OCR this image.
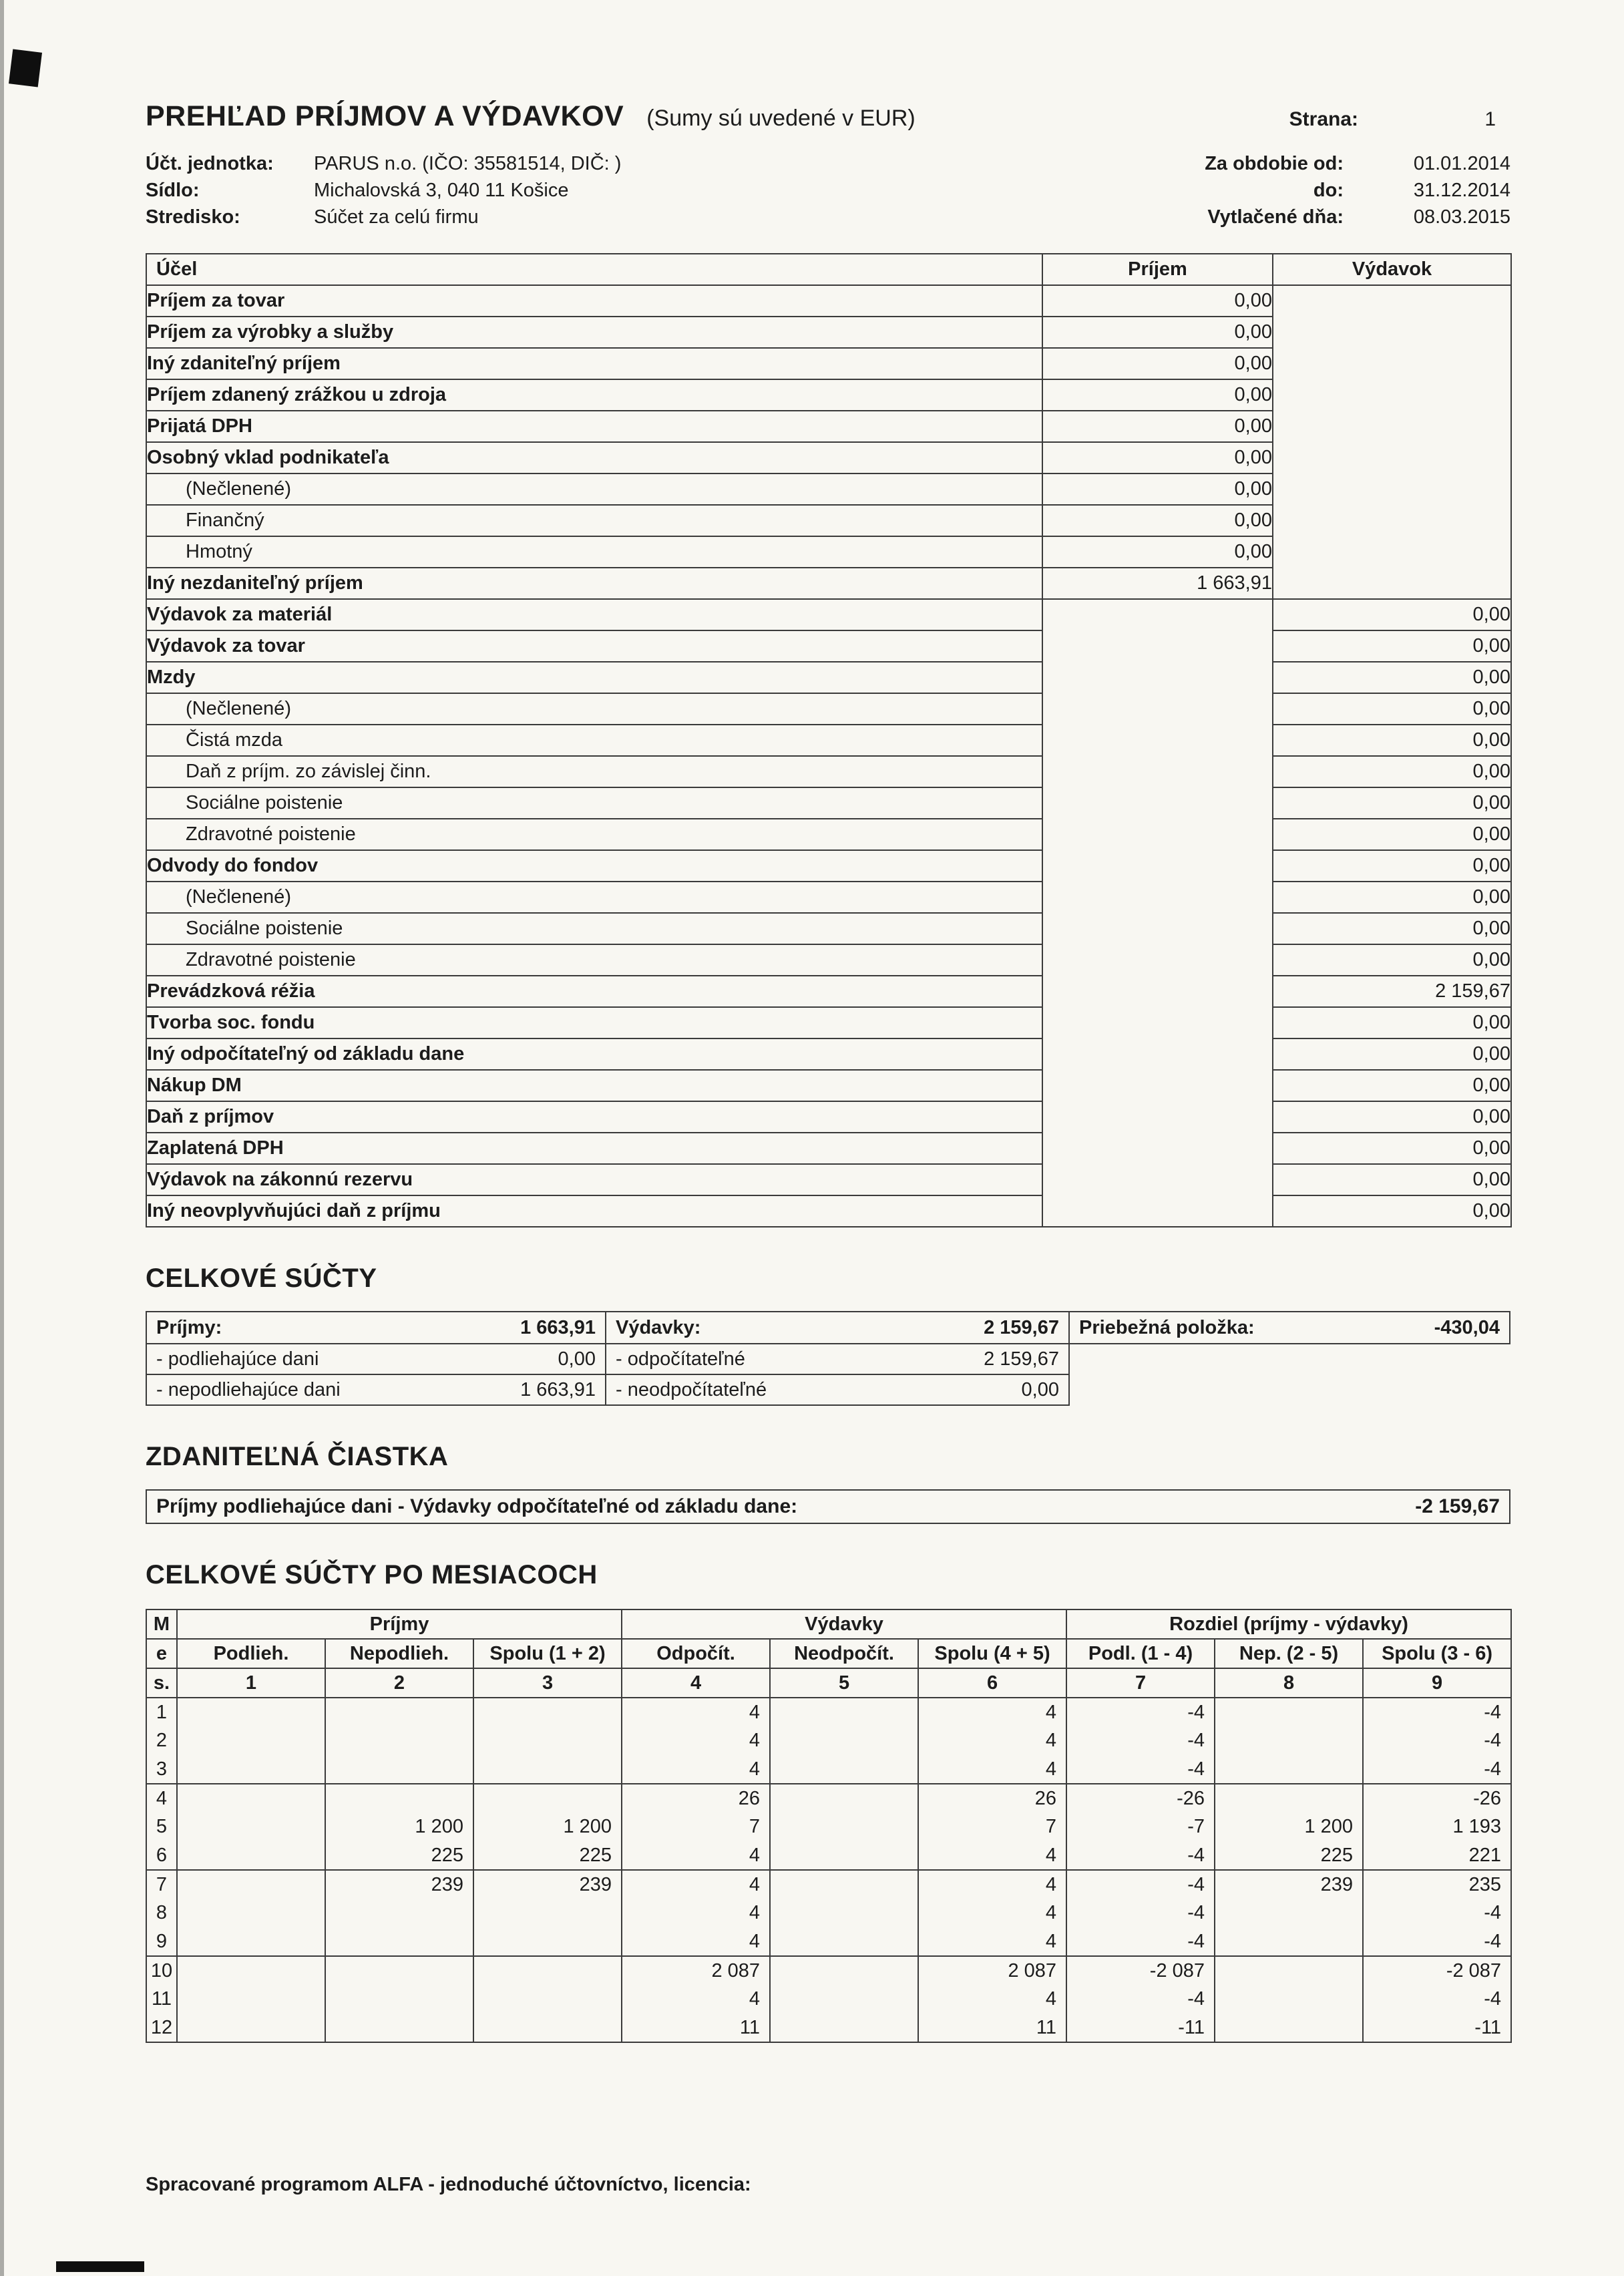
PREHĽAD PRÍJMOV A VÝDAVKOV (Sumy sú uvedené v EUR)	Strana:	1
Účt. jednotka:	PARUS n.o. (IČO: 35581514, DIČ: )	Za obdobie od:	01.01.2014
Sídlo:	Michalovská 3, 040 11 Košice	do:	31.12.2014
Stredisko:	Súčet za celú firmu	Vytlačené dňa:	08.03.2015
Účel	Príjem	Výdavok
Príjem za tovar	0,00	
Príjem za výrobky a služby	0,00	
Iný zdaniteľný príjem	0,00	
Príjem zdanený zrážkou u zdroja	0,00	
Prijatá DPH	0,00	
Osobný vklad podnikateľa	0,00	
(Nečlenené)	0,00	
Finančný	0,00	
Hmotný	0,00	
Iný nezdaniteľný príjem	1 663,91	
Výdavok za materiál		0,00
Výdavok za tovar		0,00
Mzdy		0,00
(Nečlenené)		0,00
Čistá mzda		0,00
Daň z príjm. zo závislej činn.		0,00
Sociálne poistenie		0,00
Zdravotné poistenie		0,00
Odvody do fondov		0,00
(Nečlenené)		0,00
Sociálne poistenie		0,00
Zdravotné poistenie		0,00
Prevádzková réžia		2 159,67
Tvorba soc. fondu		0,00
Iný odpočítateľný od základu dane		0,00
Nákup DM		0,00
Daň z príjmov		0,00
Zaplatená DPH		0,00
Výdavok na zákonnú rezervu		0,00
Iný neovplyvňujúci daň z príjmu		0,00
CELKOVÉ SÚČTY
Príjmy:	1 663,91
- podliehajúce dani	0,00
- nepodliehajúce dani	1 663,91
Výdavky:	2 159,67
- odpočítateľné	2 159,67
- neodpočítateľné	0,00
Priebežná položka:	-430,04
ZDANITEĽNÁ ČIASTKA
Príjmy podliehajúce dani - Výdavky odpočítateľné od základu dane:	-2 159,67
CELKOVÉ SÚČTY PO MESIACOCH
M	Príjmy			Výdavky			Rozdiel (príjmy - výdavky)		
e	Podlieh.	Nepodlieh.	Spolu (1 + 2)	Odpočít.	Neodpočít.	Spolu (4 + 5)	Podl. (1 - 4)	Nep. (2 - 5)	Spolu (3 - 6)
s.	1	2	3	4	5	6	7	8	9
1				4		4	-4		-4
2				4		4	-4		-4
3				4		4	-4		-4
4				26		26	-26		-26
5		1 200	1 200	7		7	-7	1 200	1 193
6		225	225	4		4	-4	225	221
7		239	239	4		4	-4	239	235
8				4		4	-4		-4
9				4		4	-4		-4
10				2 087		2 087	-2 087		-2 087
11				4		4	-4		-4
12				11		11	-11		-11
Spracované programom ALFA - jednoduché účtovníctvo, licencia:
